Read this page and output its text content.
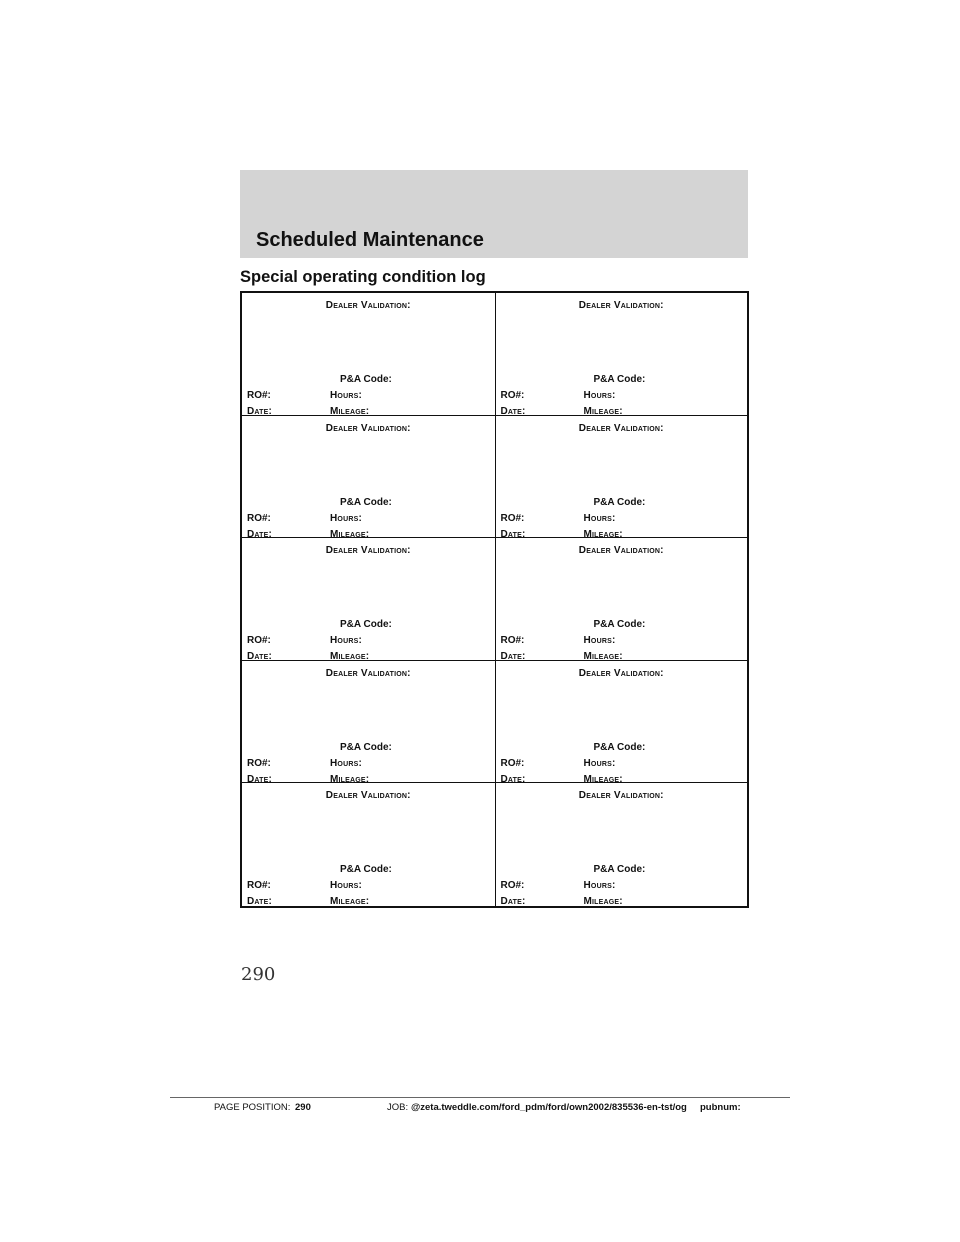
Scheduled Maintenance
Special operating condition log
Dealer Validation:
P&A Code:
RO#:	Hours:
Date:	Mileage:
Dealer Validation:
P&A Code:
RO#:	Hours:
Date:	Mileage:
Dealer Validation:
P&A Code:
RO#:	Hours:
Date:	Mileage:
Dealer Validation:
P&A Code:
RO#:	Hours:
Date:	Mileage:
Dealer Validation:
P&A Code:
RO#:	Hours:
Date:	Mileage:
Dealer Validation:
P&A Code:
RO#:	Hours:
Date:	Mileage:
Dealer Validation:
P&A Code:
RO#:	Hours:
Date:	Mileage:
Dealer Validation:
P&A Code:
RO#:	Hours:
Date:	Mileage:
Dealer Validation:
P&A Code:
RO#:	Hours:
Date:	Mileage:
Dealer Validation:
P&A Code:
RO#:	Hours:
Date:	Mileage:
290
PAGE POSITION: 290	JOB: @zeta.tweddle.com/ford_pdm/ford/own2002/835536-en-tst/og pubnum:
